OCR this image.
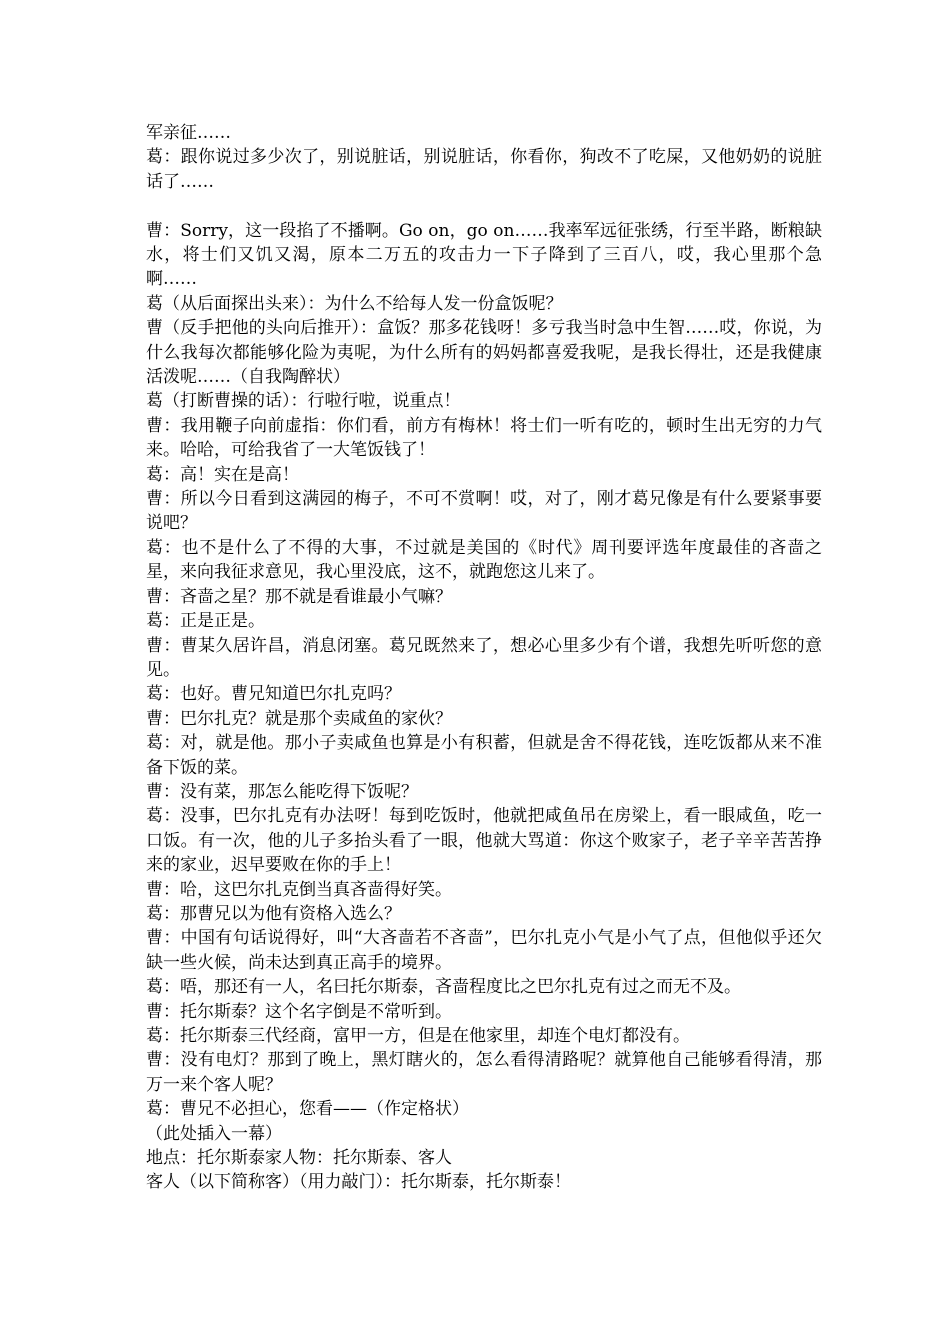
军亲征……

葛：跟你说过多少次了，别说脏话，别说脏话，你看你，狗改不了吃屎，又他奶奶的说脏话了……

曹：Sorry，这一段掐了不播啊。Go on，go on……我率军远征张绣，行至半路，断粮缺水，将士们又饥又渴，原本二万五的攻击力一下子降到了三百八，哎，我心里那个急啊……

葛（从后面探出头来）：为什么不给每人发一份盒饭呢？

曹（反手把他的头向后推开）：盒饭？那多花钱呀！多亏我当时急中生智……哎，你说，为什么我每次都能够化险为夷呢，为什么所有的妈妈都喜爱我呢，是我长得壮，还是我健康活泼呢……（自我陶醉状）

葛（打断曹操的话）：行啦行啦，说重点！

曹：我用鞭子向前虚指：你们看，前方有梅林！将士们一听有吃的，顿时生出无穷的力气来。哈哈，可给我省了一大笔饭钱了！

葛：高！实在是高！

曹：所以今日看到这满园的梅子，不可不赏啊！哎，对了，刚才葛兄像是有什么要紧事要说吧？

葛：也不是什么了不得的大事，不过就是美国的《时代》周刊要评选年度最佳的吝啬之星，来向我征求意见，我心里没底，这不，就跑您这儿来了。

曹：吝啬之星？那不就是看谁最小气嘛？

葛：正是正是。

曹：曹某久居许昌，消息闭塞。葛兄既然来了，想必心里多少有个谱，我想先听听您的意见。

葛：也好。曹兄知道巴尔扎克吗？

曹：巴尔扎克？就是那个卖咸鱼的家伙？

葛：对，就是他。那小子卖咸鱼也算是小有积蓄，但就是舍不得花钱，连吃饭都从来不准备下饭的菜。

曹：没有菜，那怎么能吃得下饭呢？

葛：没事，巴尔扎克有办法呀！每到吃饭时，他就把咸鱼吊在房梁上，看一眼咸鱼，吃一口饭。有一次，他的儿子多抬头看了一眼，他就大骂道：你这个败家子，老子辛辛苦苦挣来的家业，迟早要败在你的手上！

曹：哈，这巴尔扎克倒当真吝啬得好笑。

葛：那曹兄以为他有资格入选么？

曹：中国有句话说得好，叫“大吝啬若不吝啬”，巴尔扎克小气是小气了点，但他似乎还欠缺一些火候，尚未达到真正高手的境界。

葛：唔，那还有一人，名曰托尔斯泰，吝啬程度比之巴尔扎克有过之而无不及。

曹：托尔斯泰？这个名字倒是不常听到。

葛：托尔斯泰三代经商，富甲一方，但是在他家里，却连个电灯都没有。

曹：没有电灯？那到了晚上，黑灯瞎火的，怎么看得清路呢？就算他自己能够看得清，那万一来个客人呢？

葛：曹兄不必担心，您看——（作定格状）

（此处插入一幕）

地点：托尔斯泰家人物：托尔斯泰、客人

客人（以下简称客）（用力敲门）：托尔斯泰，托尔斯泰！
